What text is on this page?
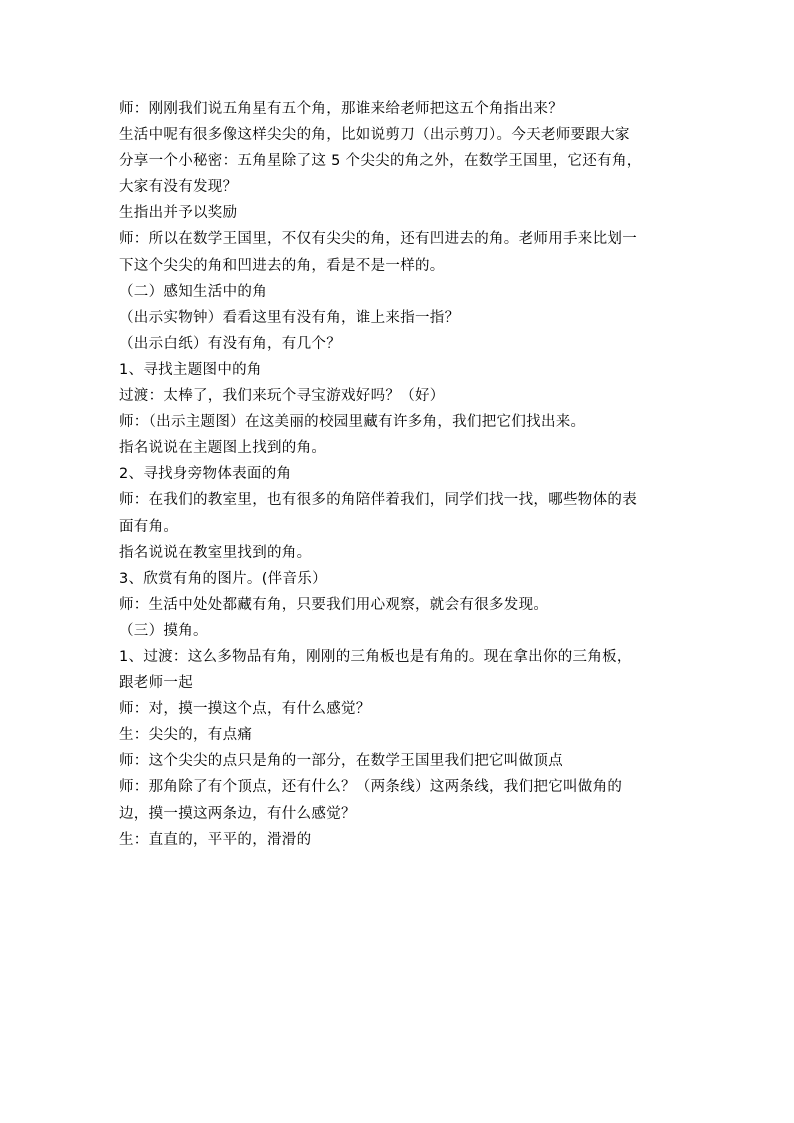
师：刚刚我们说五角星有五个角，那谁来给老师把这五个角指出来？
生活中呢有很多像这样尖尖的角，比如说剪刀（出示剪刀）。今天老师要跟大家
分享一个小秘密：五角星除了这 5 个尖尖的角之外，在数学王国里，它还有角，
大家有没有发现？
生指出并予以奖励
师：所以在数学王国里，不仅有尖尖的角，还有凹进去的角。老师用手来比划一
下这个尖尖的角和凹进去的角，看是不是一样的。
（二）感知生活中的角
（出示实物钟）看看这里有没有角，谁上来指一指？
（出示白纸）有没有角，有几个？
1、寻找主题图中的角
过渡：太棒了，我们来玩个寻宝游戏好吗？（好）
师：（出示主题图）在这美丽的校园里藏有许多角，我们把它们找出来。
指名说说在主题图上找到的角。
2、寻找身旁物体表面的角
师：在我们的教室里，也有很多的角陪伴着我们，同学们找一找，哪些物体的表
面有角。
指名说说在教室里找到的角。
3、欣赏有角的图片。(伴音乐）
师：生活中处处都藏有角，只要我们用心观察，就会有很多发现。
（三）摸角。
1、过渡：这么多物品有角，刚刚的三角板也是有角的。现在拿出你的三角板，
跟老师一起
师：对，摸一摸这个点，有什么感觉？
生：尖尖的，有点痛
师：这个尖尖的点只是角的一部分，在数学王国里我们把它叫做顶点
师：那角除了有个顶点，还有什么？（两条线）这两条线，我们把它叫做角的
边，摸一摸这两条边，有什么感觉？
生：直直的，平平的，滑滑的
